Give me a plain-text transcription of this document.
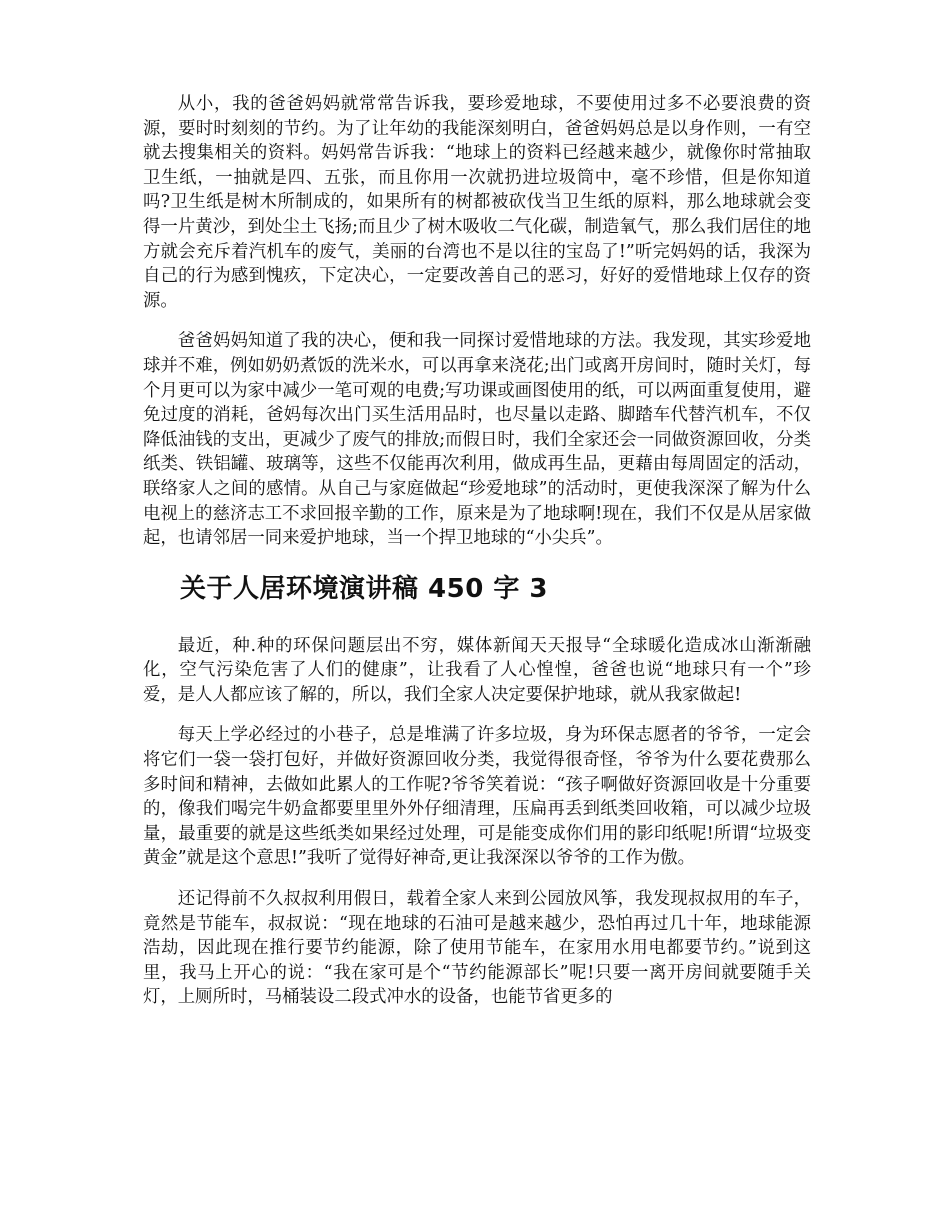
从小，我的爸爸妈妈就常常告诉我，要珍爱地球，不要使用过多不必要浪费的资源，要时时刻刻的节约。为了让年幼的我能深刻明白，爸爸妈妈总是以身作则，一有空就去搜集相关的资料。妈妈常告诉我：“地球上的资料已经越来越少，就像你时常抽取卫生纸，一抽就是四、五张，而且你用一次就扔进垃圾筒中，毫不珍惜，但是你知道吗?卫生纸是树木所制成的，如果所有的树都被砍伐当卫生纸的原料，那么地球就会变得一片黄沙，到处尘土飞扬;而且少了树木吸收二气化碳，制造氧气，那么我们居住的地方就会充斥着汽机车的废气，美丽的台湾也不是以往的宝岛了!”听完妈妈的话，我深为自己的行为感到愧疚，下定决心，一定要改善自己的恶习，好好的爱惜地球上仅存的资源。

爸爸妈妈知道了我的决心，便和我一同探讨爱惜地球的方法。我发现，其实珍爱地球并不难，例如奶奶煮饭的洗米水，可以再拿来浇花;出门或离开房间时，随时关灯，每个月更可以为家中减少一笔可观的电费;写功课或画图使用的纸，可以两面重复使用，避免过度的消耗，爸妈每次出门买生活用品时，也尽量以走路、脚踏车代替汽机车，不仅降低油钱的支出，更减少了废气的排放;而假日时，我们全家还会一同做资源回收，分类纸类、铁铝罐、玻璃等，这些不仅能再次利用，做成再生品，更藉由每周固定的活动，联络家人之间的感情。从自己与家庭做起“珍爱地球”的活动时，更使我深深了解为什么电视上的慈济志工不求回报辛勤的工作，原来是为了地球啊!现在，我们不仅是从居家做起，也请邻居一同来爱护地球，当一个捍卫地球的“小尖兵”。

关于人居环境演讲稿 450 字 3

最近，种.种的环保问题层出不穷，媒体新闻天天报导“全球暖化造成冰山渐渐融化，空气污染危害了人们的健康”，让我看了人心惶惶，爸爸也说“地球只有一个”珍爱，是人人都应该了解的，所以，我们全家人决定要保护地球，就从我家做起!

每天上学必经过的小巷子，总是堆满了许多垃圾，身为环保志愿者的爷爷，一定会将它们一袋一袋打包好，并做好资源回收分类，我觉得很奇怪，爷爷为什么要花费那么多时间和精神，去做如此累人的工作呢?爷爷笑着说：“孩子啊做好资源回收是十分重要的，像我们喝完牛奶盒都要里里外外仔细清理，压扁再丢到纸类回收箱，可以减少垃圾量，最重要的就是这些纸类如果经过处理，可是能变成你们用的影印纸呢!所谓“垃圾变黄金”就是这个意思!”我听了觉得好神奇,更让我深深以爷爷的工作为傲。

还记得前不久叔叔利用假日，载着全家人来到公园放风筝，我发现叔叔用的车子，竟然是节能车，叔叔说：“现在地球的石油可是越来越少，恐怕再过几十年，地球能源浩劫，因此现在推行要节约能源，除了使用节能车，在家用水用电都要节约。”说到这里，我马上开心的说：“我在家可是个“节约能源部长”呢!只要一离开房间就要随手关灯，上厕所时，马桶装设二段式冲水的设备，也能节省更多的
